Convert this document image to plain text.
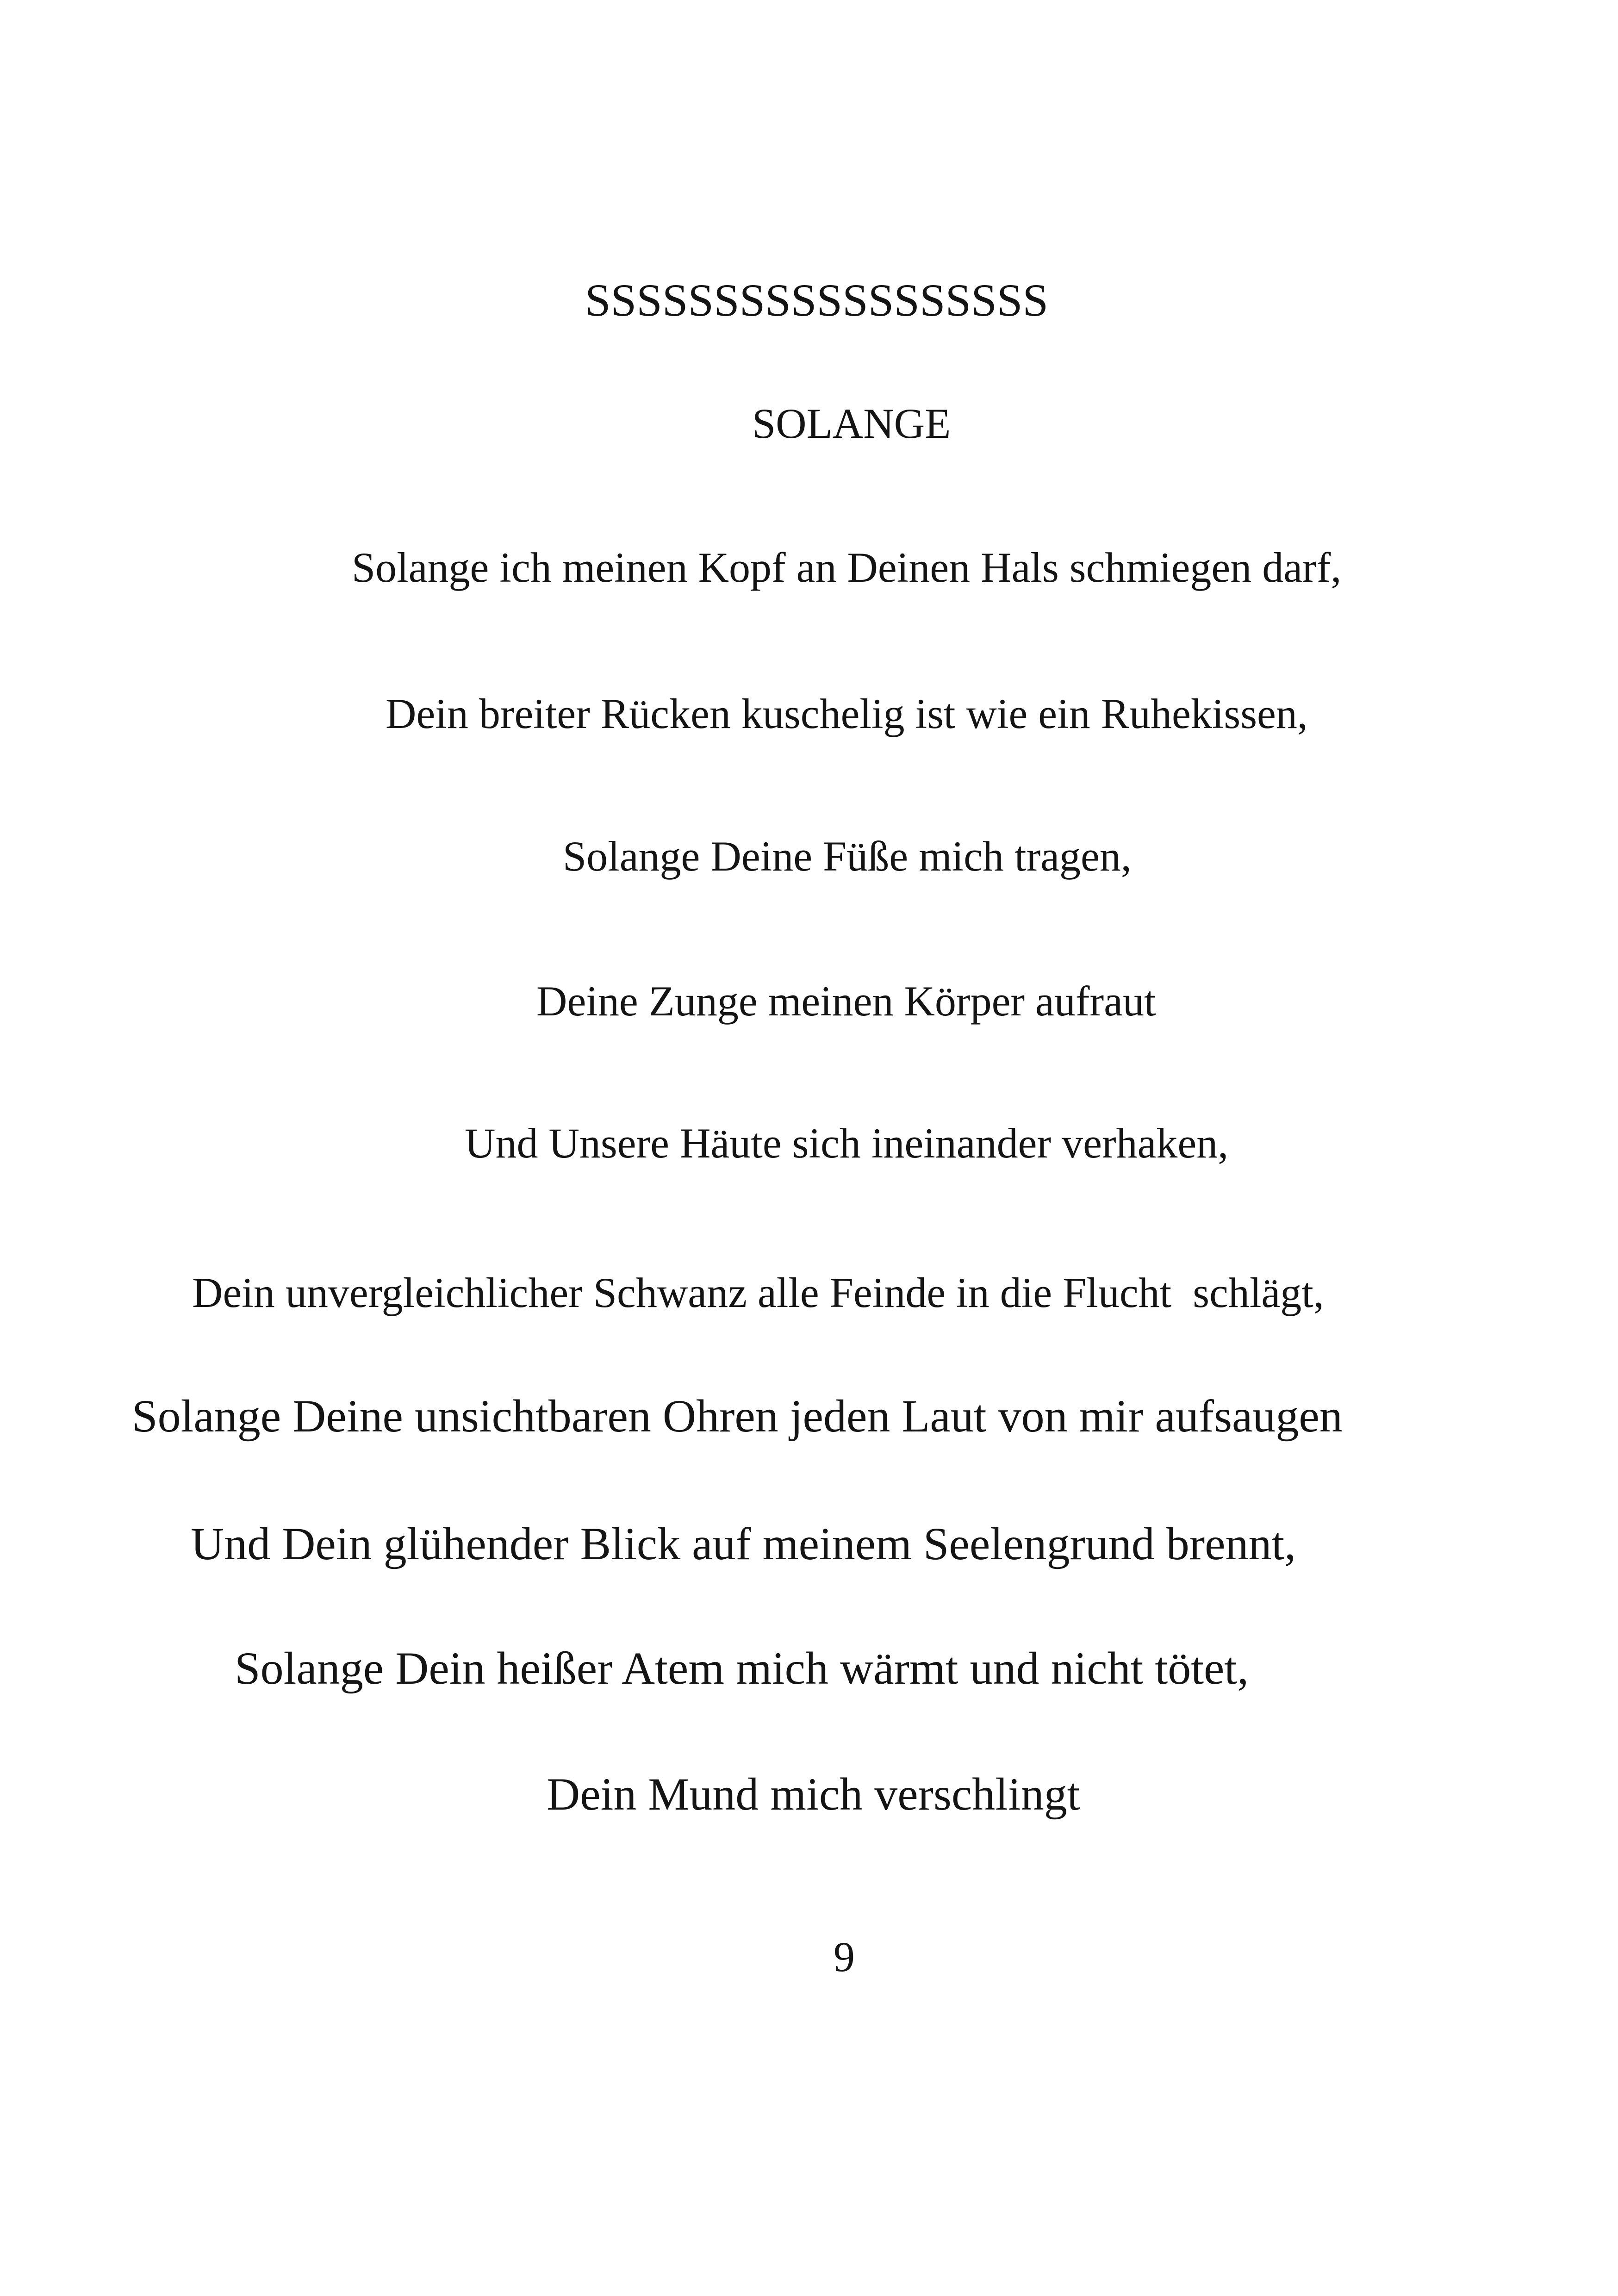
SSSSSSSSSSSSSSSSSS
SOLANGE
Solange ich meinen Kopf an Deinen Hals schmiegen darf,
Dein breiter Rücken kuschelig ist wie ein Ruhekissen,
Solange Deine Füße mich tragen,
Deine Zunge meinen Körper aufraut
Und Unsere Häute sich ineinander verhaken,
Dein unvergleichlicher Schwanz alle Feinde in die Flucht  schlägt,
Solange Deine unsichtbaren Ohren jeden Laut von mir aufsaugen
Und Dein glühender Blick auf meinem Seelengrund brennt,
Solange Dein heißer Atem mich wärmt und nicht tötet,
Dein Mund mich verschlingt
9
